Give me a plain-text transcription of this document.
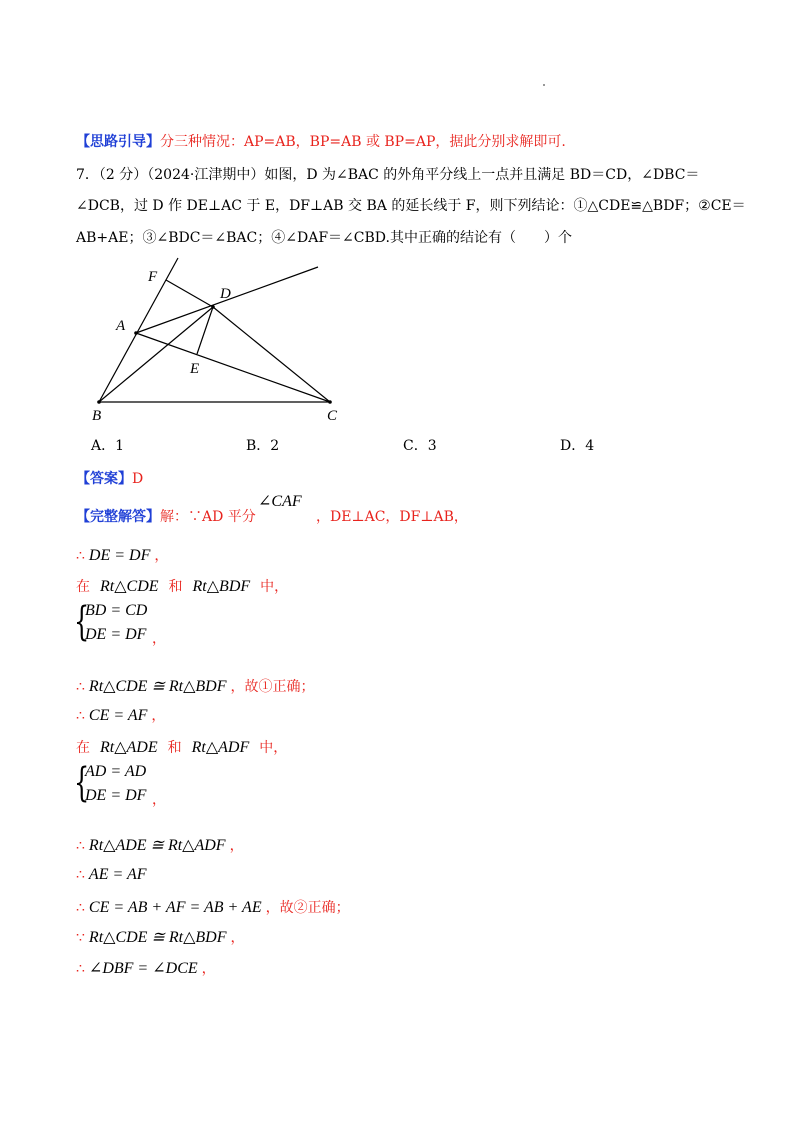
【思路引导】分三种情况：AP=AB，BP=AB 或 BP=AP，据此分别求解即可.
7．（2 分）（2024·江津期中）如图，D 为∠BAC 的外角平分线上一点并且满足 BD＝CD，∠DBC＝
∠DCB，过 D 作 DE⊥AC 于 E，DF⊥AB 交 BA 的延长线于 F，则下列结论：①△CDE≌△BDF；②CE＝
AB+AE；③∠BDC＝∠BAC；④∠DAF＝∠CBD.其中正确的结论有（　　）个
F
D
A
E
B	C
A．1	B．2	C．3	D．4
【答案】D
【完整解答】解：∵AD 平分
∠CAF
，DE⊥AC，DF⊥AB，
∴ DE = DF ，
在 Rt△CDE 和 Rt△BDF 中，
{
BD = CD
DE = DF ，
∴ Rt△CDE ≅ Rt△BDF ，故①正确；
∴ CE = AF ，
在 Rt△ADE 和 Rt△ADF 中，
{
AD = AD
DE = DF ，
∴ Rt△ADE ≅ Rt△ADF ，
∴ AE = AF
∴ CE = AB + AF = AB + AE ，故②正确；
∵ Rt△CDE ≅ Rt△BDF ，
∴ ∠DBF = ∠DCE ，
